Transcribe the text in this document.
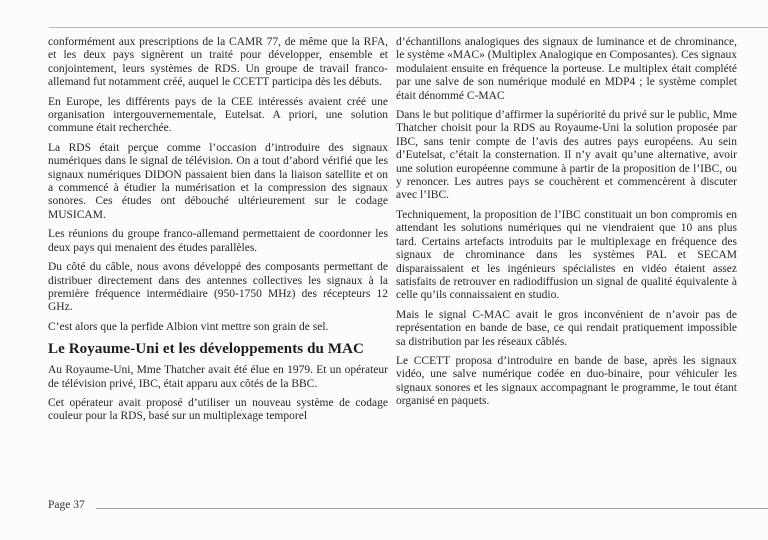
conformément aux prescriptions de la CAMR 77, de même que la RFA, et les deux pays signèrent un traité pour développer, ensemble et conjointement, leurs systèmes de RDS. Un groupe de travail franco-allemand fut notamment créé, auquel le CCETT participa dès les débuts.

En Europe, les différents pays de la CEE intéressés avaient créé une organisation intergouvernementale, Eutelsat. A priori, une solution commune était recherchée.

La RDS était perçue comme l’occasion d’introduire des signaux numériques dans le signal de télévision. On a tout d’abord vérifié que les signaux numériques DIDON passaient bien dans la liaison satellite et on a commencé à étudier la numérisation et la compression des signaux sonores. Ces études ont débouché ultérieurement sur le codage MUSICAM.

Les réunions du groupe franco-allemand permettaient de coordonner les deux pays qui menaient des études parallèles.

Du côté du câble, nous avons développé des composants permettant de distribuer directement dans des antennes collectives les signaux à la première fréquence intermédiaire (950-1750 MHz) des récepteurs 12 GHz.

C’est alors que la perfide Albion vint mettre son grain de sel.

Le Royaume-Uni et les développements du MAC

Au Royaume-Uni, Mme Thatcher avait été élue en 1979. Et un opérateur de télévision privé, IBC, était apparu aux côtés de la BBC.

Cet opérateur avait proposé d’utiliser un nouveau système de codage couleur pour la RDS, basé sur un multiplexage temporel

d’échantillons analogiques des signaux de luminance et de chrominance, le système «MAC» (Multiplex Analogique en Composantes). Ces signaux modulaient ensuite en fréquence la porteuse. Le multiplex était complété par une salve de son numérique modulé en MDP4 ; le système complet était dénommé C-MAC

Dans le but politique d’affirmer la supériorité du privé sur le public, Mme Thatcher choisit pour la RDS au Royaume-Uni la solution proposée par IBC, sans tenir compte de l’avis des autres pays européens. Au sein d’Eutelsat, c’était la consternation. Il n’y avait qu’une alternative, avoir une solution européenne commune à partir de la proposition de l’IBC, ou y renoncer. Les autres pays se couchèrent et commencèrent à discuter avec l’IBC.

Techniquement, la proposition de l’IBC constituait un bon compromis en attendant les solutions numériques qui ne viendraient que 10 ans plus tard. Certains artefacts introduits par le multiplexage en fréquence des signaux de chrominance dans les systèmes PAL et SECAM disparaissaient et les ingénieurs spécialistes en vidéo étaient assez satisfaits de retrouver en radiodiffusion un signal de qualité équivalente à celle qu’ils connaissaient en studio.

Mais le signal C-MAC avait le gros inconvénient de n’avoir pas de représentation en bande de base, ce qui rendait pratiquement impossible sa distribution par les réseaux câblés.

Le CCETT proposa d’introduire en bande de base, après les signaux vidéo, une salve numérique codée en duo-binaire, pour véhiculer les signaux sonores et les signaux accompagnant le programme, le tout étant organisé en paquets.

Page 37
